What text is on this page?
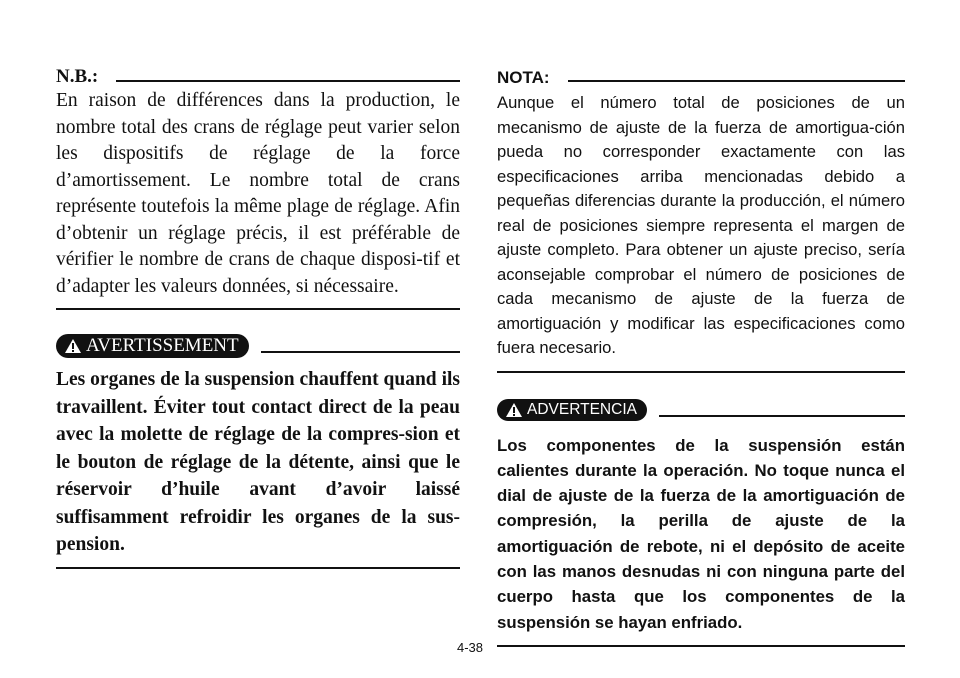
N.B.:
En raison de différences dans la production, le nombre total des crans de réglage peut varier selon les dispositifs de réglage de la force d’amortissement. Le nombre total de crans représente toutefois la même plage de réglage. Afin d’obtenir un réglage précis, il est préférable de vérifier le nombre de crans de chaque disposi-tif et d’adapter les valeurs données, si nécessaire.
AVERTISSEMENT
Les organes de la suspension chauffent quand ils travaillent. Éviter tout contact direct de la peau avec la molette de réglage de la compres-sion et le bouton de réglage de la détente, ainsi que le réservoir d’huile avant d’avoir laissé suffisamment refroidir les organes de la sus-pension.
NOTA:
Aunque el número total de posiciones de un mecanismo de ajuste de la fuerza de amortigua-ción pueda no corresponder exactamente con las especificaciones arriba mencionadas debido a pequeñas diferencias durante la producción, el número real de posiciones siempre representa el margen de ajuste completo. Para obtener un ajuste preciso, sería aconsejable comprobar el número de posiciones de cada mecanismo de ajuste de la fuerza de amortiguación y modificar las especificaciones como fuera necesario.
ADVERTENCIA
Los componentes de la suspensión están calientes durante la operación. No toque nunca el dial de ajuste de la fuerza de la amortiguación de compresión, la perilla de ajuste de la amortiguación de rebote, ni el depósito de aceite con las manos desnudas ni con ninguna parte del cuerpo hasta que los componentes de la suspensión se hayan enfriado.
4-38
